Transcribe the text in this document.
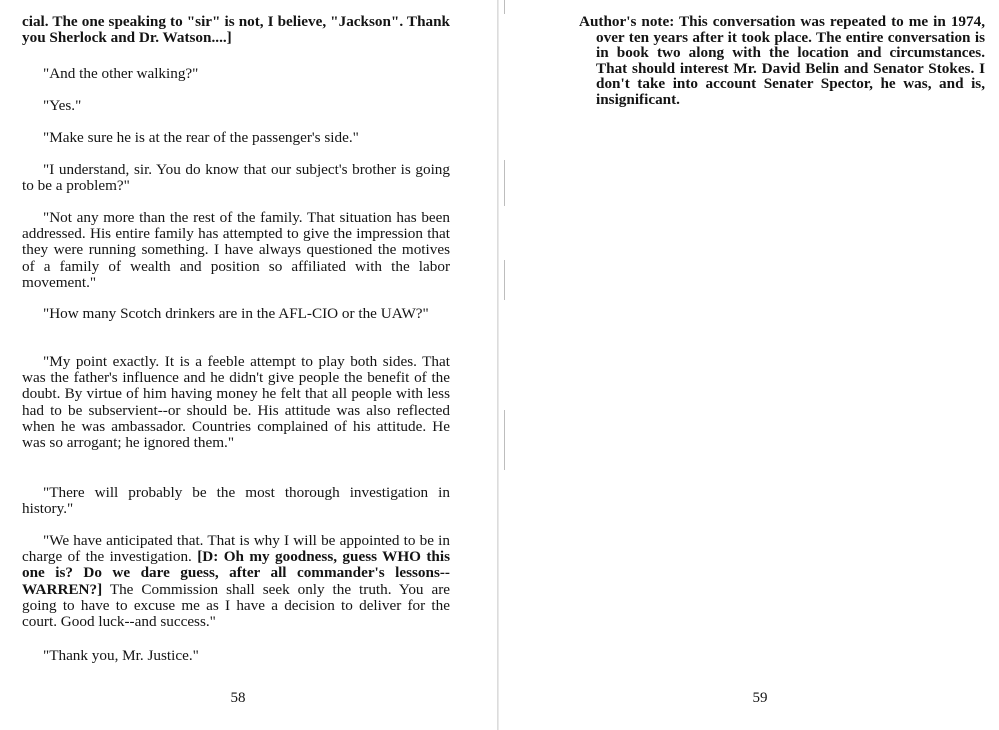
cial. The one speaking to "sir" is not, I believe, "Jackson". Thank you Sherlock and Dr. Watson....]

"And the other walking?"

"Yes."

"Make sure he is at the rear of the passenger's side."

"I understand, sir. You do know that our subject's brother is going to be a problem?"

"Not any more than the rest of the family. That situation has been addressed. His entire family has attempted to give the impression that they were running something. I have always questioned the motives of a family of wealth and position so affiliated with the labor movement."

"How many Scotch drinkers are in the AFL-CIO or the UAW?"

"My point exactly. It is a feeble attempt to play both sides. That was the father's influence and he didn't give people the benefit of the doubt. By virtue of him having money he felt that all people with less had to be subservient--or should be. His attitude was also reflected when he was ambassador. Countries complained of his attitude. He was so arrogant; he ignored them."

"There will probably be the most thorough investigation in history."

"We have anticipated that. That is why I will be appointed to be in charge of the investigation. [D: Oh my goodness, guess WHO this one is? Do we dare guess, after all commander's lessons--WARREN?] The Commission shall seek only the truth. You are going to have to excuse me as I have a decision to deliver for the court. Good luck--and success."

"Thank you, Mr. Justice."

58	59
Author's note: This conversation was repeated to me in 1974, over ten years after it took place. The entire conversation is in book two along with the location and circumstances. That should interest Mr. David Belin and Senator Stokes. I don't take into account Senater Spector, he was, and is, insignificant.
